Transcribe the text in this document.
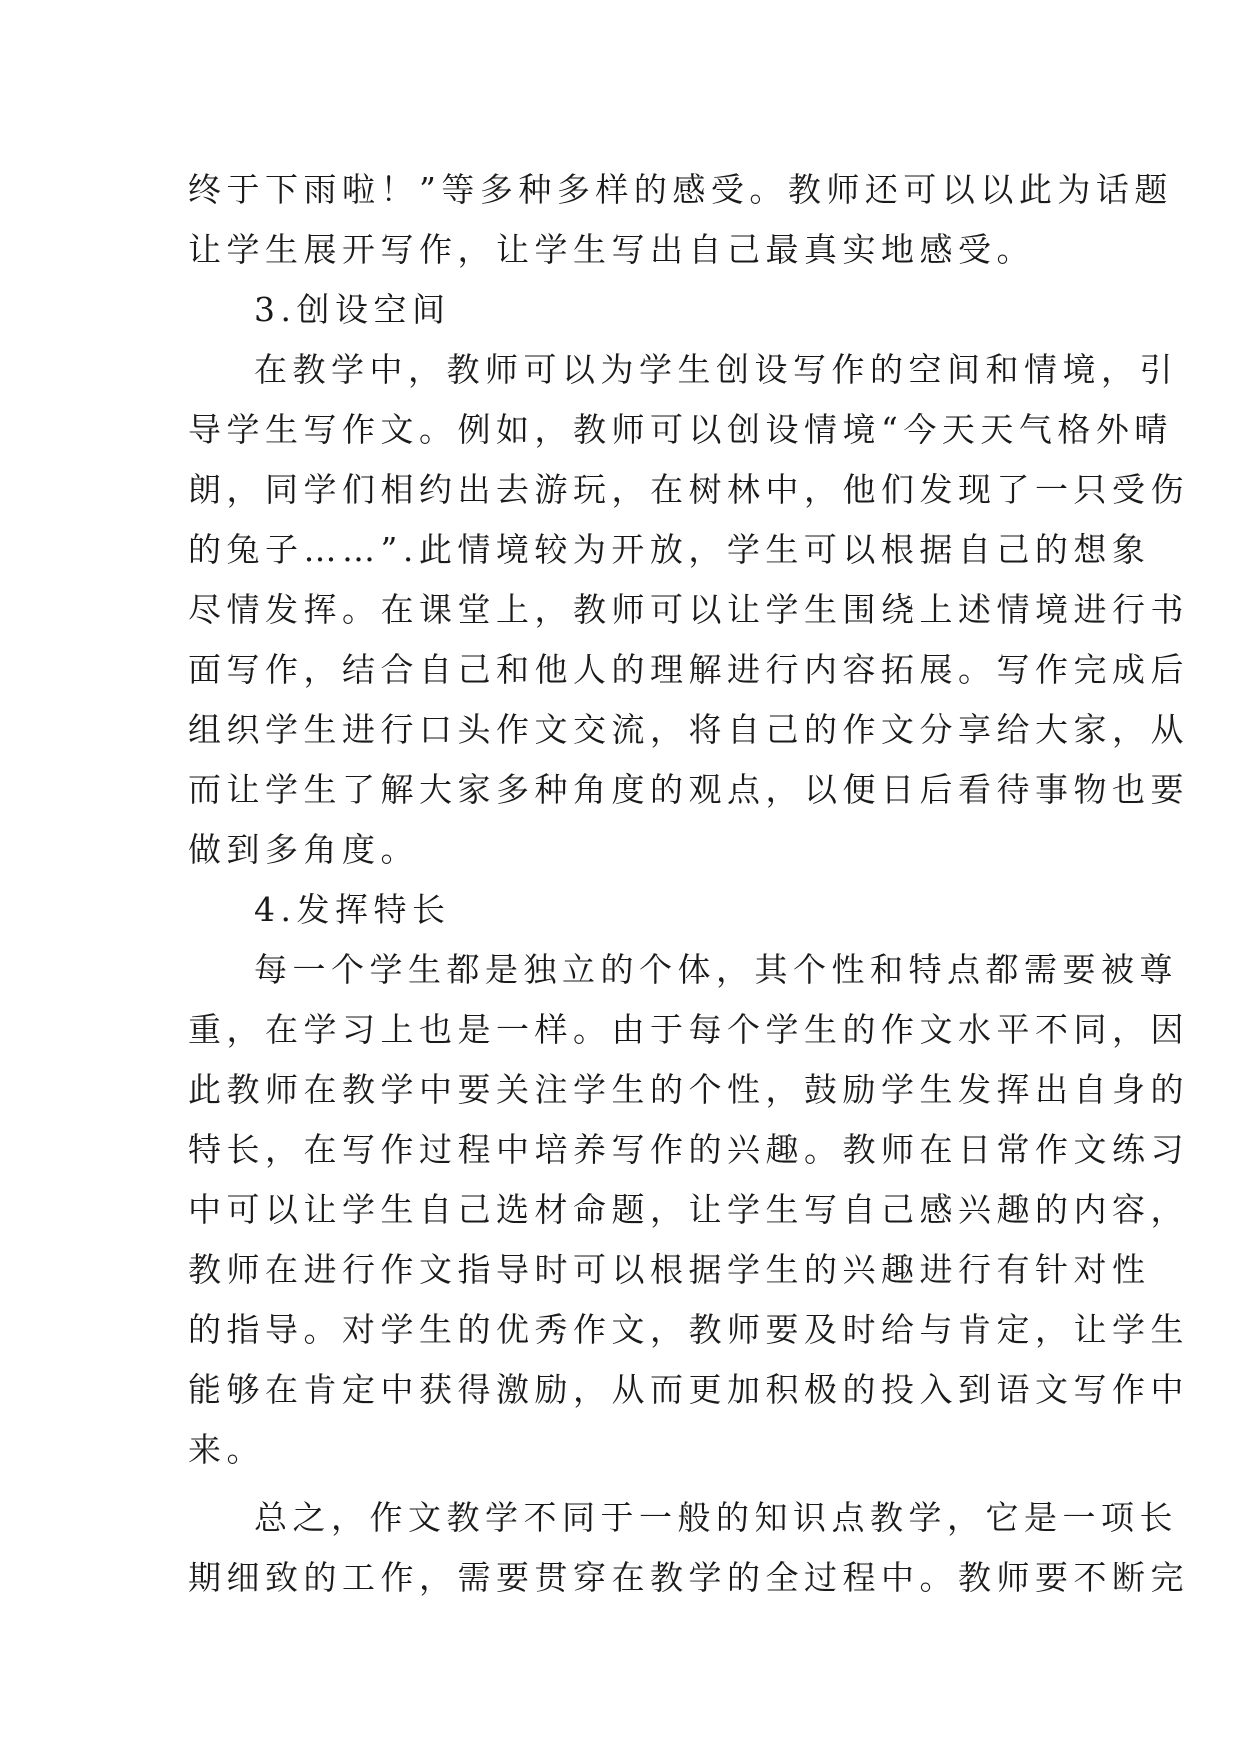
终于下雨啦！”等多种多样的感受。教师还可以以此为话题
让学生展开写作，让学生写出自己最真实地感受。
3.创设空间
在教学中，教师可以为学生创设写作的空间和情境，引
导学生写作文。例如，教师可以创设情境“今天天气格外晴
朗，同学们相约出去游玩，在树林中，他们发现了一只受伤
的兔子……”.此情境较为开放，学生可以根据自己的想象
尽情发挥。在课堂上，教师可以让学生围绕上述情境进行书
面写作，结合自己和他人的理解进行内容拓展。写作完成后
组织学生进行口头作文交流，将自己的作文分享给大家，从
而让学生了解大家多种角度的观点，以便日后看待事物也要
做到多角度。
4.发挥特长
每一个学生都是独立的个体，其个性和特点都需要被尊
重，在学习上也是一样。由于每个学生的作文水平不同，因
此教师在教学中要关注学生的个性，鼓励学生发挥出自身的
特长，在写作过程中培养写作的兴趣。教师在日常作文练习
中可以让学生自己选材命题，让学生写自己感兴趣的内容，
教师在进行作文指导时可以根据学生的兴趣进行有针对性
的指导。对学生的优秀作文，教师要及时给与肯定，让学生
能够在肯定中获得激励，从而更加积极的投入到语文写作中
来。
总之，作文教学不同于一般的知识点教学，它是一项长
期细致的工作，需要贯穿在教学的全过程中。教师要不断完
